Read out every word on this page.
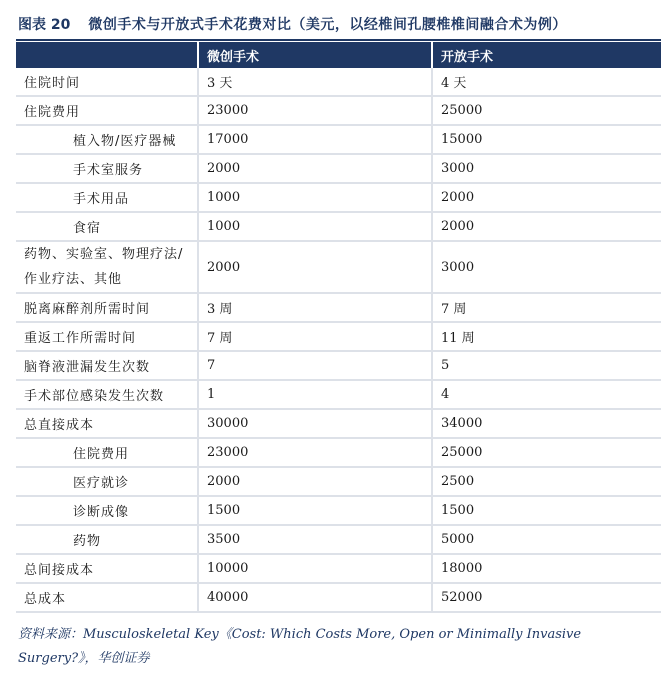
图表 20 微创手术与开放式手术花费对比（美元，以经椎间孔腰椎椎间融合术为例）
	微创手术	开放手术
住院时间	3 天	4 天
住院费用	23000	25000
植入物/医疗器械	17000	15000
手术室服务	2000	3000
手术用品	1000	2000
食宿	1000	2000
药物、实验室、物理疗法/作业疗法、其他	2000	3000
脱离麻醉剂所需时间	3 周	7 周
重返工作所需时间	7 周	11 周
脑脊液泄漏发生次数	7	5
手术部位感染发生次数	1	4
总直接成本	30000	34000
住院费用	23000	25000
医疗就诊	2000	2500
诊断成像	1500	1500
药物	3500	5000
总间接成本	10000	18000
总成本	40000	52000
资料来源：Musculoskeletal Key《Cost: Which Costs More, Open or Minimally Invasive Surgery?》，华创证券
